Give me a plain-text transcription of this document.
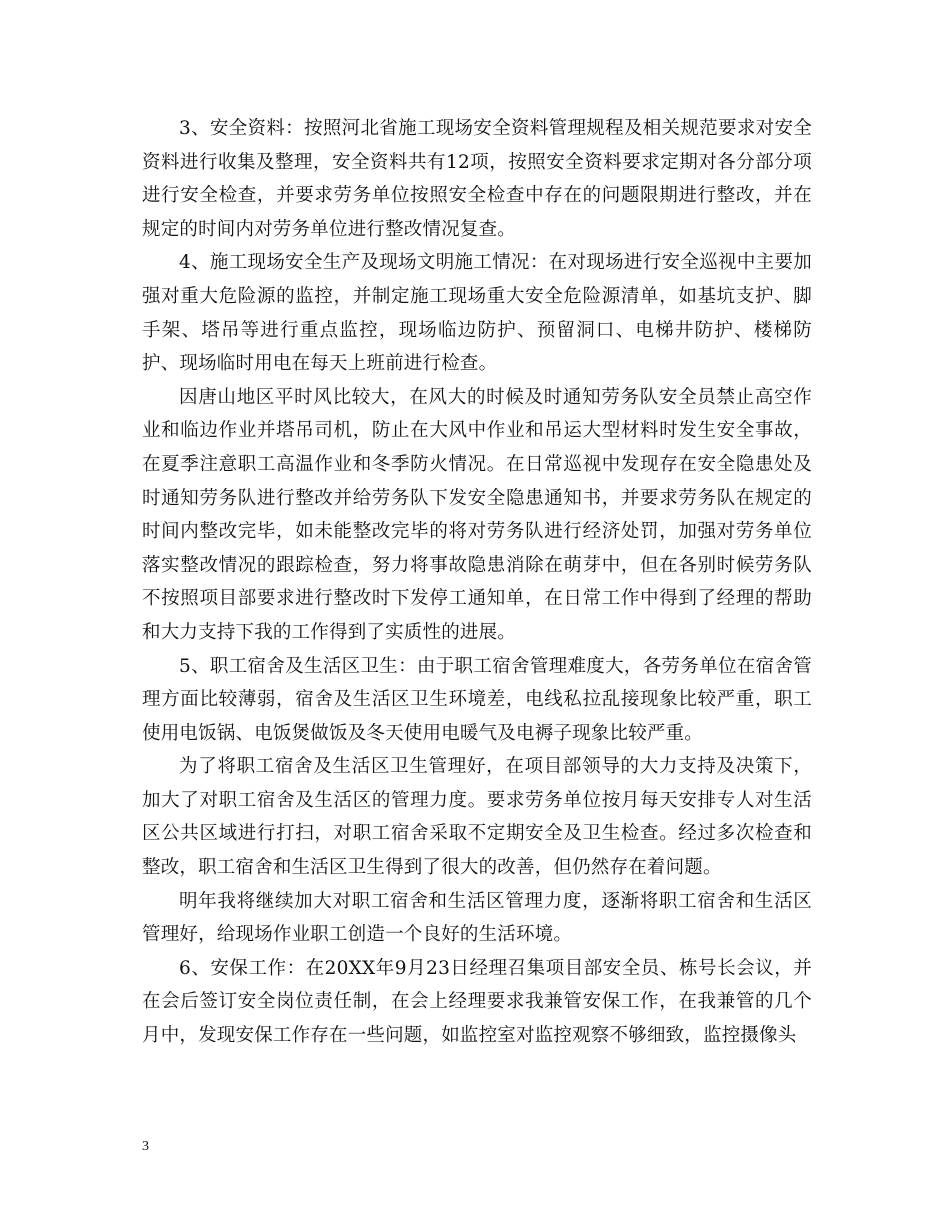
3、安全资料：按照河北省施工现场安全资料管理规程及相关规范要求对安全资料进行收集及整理，安全资料共有12项，按照安全资料要求定期对各分部分项进行安全检查，并要求劳务单位按照安全检查中存在的问题限期进行整改，并在规定的时间内对劳务单位进行整改情况复查。

4、施工现场安全生产及现场文明施工情况：在对现场进行安全巡视中主要加强对重大危险源的监控，并制定施工现场重大安全危险源清单，如基坑支护、脚手架、塔吊等进行重点监控，现场临边防护、预留洞口、电梯井防护、楼梯防护、现场临时用电在每天上班前进行检查。

因唐山地区平时风比较大，在风大的时候及时通知劳务队安全员禁止高空作业和临边作业并塔吊司机，防止在大风中作业和吊运大型材料时发生安全事故，在夏季注意职工高温作业和冬季防火情况。在日常巡视中发现存在安全隐患处及时通知劳务队进行整改并给劳务队下发安全隐患通知书，并要求劳务队在规定的时间内整改完毕，如未能整改完毕的将对劳务队进行经济处罚，加强对劳务单位落实整改情况的跟踪检查，努力将事故隐患消除在萌芽中，但在各别时候劳务队不按照项目部要求进行整改时下发停工通知单，在日常工作中得到了经理的帮助和大力支持下我的工作得到了实质性的进展。

5、职工宿舍及生活区卫生：由于职工宿舍管理难度大，各劳务单位在宿舍管理方面比较薄弱，宿舍及生活区卫生环境差，电线私拉乱接现象比较严重，职工使用电饭锅、电饭煲做饭及冬天使用电暖气及电褥子现象比较严重。

为了将职工宿舍及生活区卫生管理好，在项目部领导的大力支持及决策下，加大了对职工宿舍及生活区的管理力度。要求劳务单位按月每天安排专人对生活区公共区域进行打扫，对职工宿舍采取不定期安全及卫生检查。经过多次检查和整改，职工宿舍和生活区卫生得到了很大的改善，但仍然存在着问题。

明年我将继续加大对职工宿舍和生活区管理力度，逐渐将职工宿舍和生活区管理好，给现场作业职工创造一个良好的生活环境。

6、安保工作：在20XX年9月23日经理召集项目部安全员、栋号长会议，并在会后签订安全岗位责任制，在会上经理要求我兼管安保工作，在我兼管的几个月中，发现安保工作存在一些问题，如监控室对监控观察不够细致，监控摄像头

3
